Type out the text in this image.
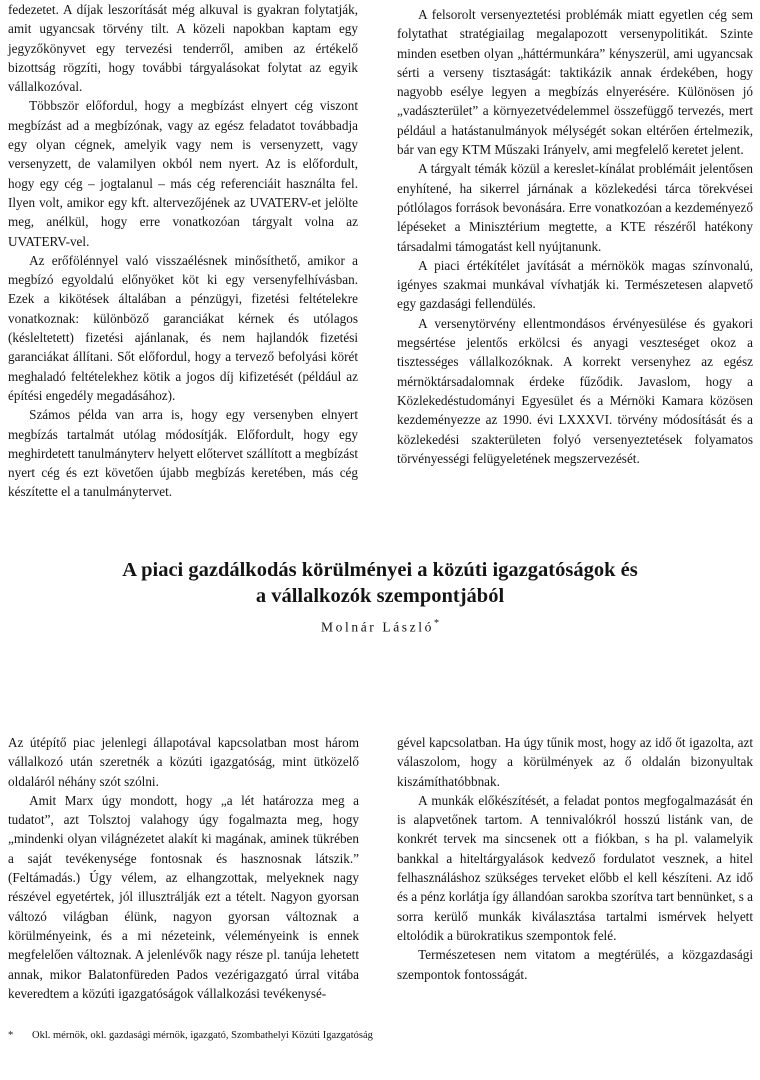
fedezetet. A díjak leszorítását még alkuval is gyakran folytatják, amit ugyancsak törvény tilt. A közeli napokban kaptam egy jegyzőkönyvet egy tervezési tenderről, amiben az értékelő bizottság rögzíti, hogy további tárgyalásokat folytat az egyik vállalkozóval.

Többször előfordul, hogy a megbízást elnyert cég viszont megbízást ad a megbízónak, vagy az egész feladatot továbbadja egy olyan cégnek, amelyik vagy nem is versenyzett, vagy versenyzett, de valamilyen okból nem nyert. Az is előfordult, hogy egy cég – jogtalanul – más cég referenciáit használta fel. Ilyen volt, amikor egy kft. altervezőjének az UVATERV-et jelölte meg, anélkül, hogy erre vonatkozóan tárgyalt volna az UVATERV-vel.

Az erőfölénnyel való visszaélésnek minősíthető, amikor a megbízó egyoldalú előnyöket köt ki egy versenyfelhívásban. Ezek a kikötések általában a pénzügyi, fizetési feltételekre vonatkoznak: különböző garanciákat kérnek és utólagos (késleltetett) fizetési ajánlanak, és nem hajlandók fizetési garanciákat állítani. Sőt előfordul, hogy a tervező befolyási körét meghaladó feltételekhez kötik a jogos díj kifizetését (például az építési engedély megadásához).

Számos példa van arra is, hogy egy versenyben elnyert megbízás tartalmát utólag módosítják. Előfordult, hogy egy meghirdetett tanulmányterv helyett előtervet szállított a megbízást nyert cég és ezt követően újabb megbízás keretében, más cég készítette el a tanulmánytervet.

A felsorolt versenyeztetési problémák miatt egyetlen cég sem folytathat stratégiailag megalapozott versenypolitikát. Szinte minden esetben olyan „háttérmunkára” kényszerül, ami ugyancsak sérti a verseny tisztaságát: taktikázik annak érdekében, hogy nagyobb esélye legyen a megbízás elnyerésére. Különösen jó „vadászterület” a környezetvédelemmel összefüggő tervezés, mert például a hatástanulmányok mélységét sokan eltérően értelmezik, bár van egy KTM Műszaki Irányelv, ami megfelelő keretet jelent.

A tárgyalt témák közül a kereslet-kínálat problémáit jelentősen enyhítené, ha sikerrel járnának a közlekedési tárca törekvései pótlólagos források bevonására. Erre vonatkozóan a kezdeményező lépéseket a Minisztérium megtette, a KTE részéről hatékony társadalmi támogatást kell nyújtanunk.

A piaci értékítélet javítását a mérnökök magas színvonalú, igényes szakmai munkával vívhatják ki. Természetesen alapvető egy gazdasági fellendülés.

A versenytörvény ellentmondásos érvényesülése és gyakori megsértése jelentős erkölcsi és anyagi veszteséget okoz a tisztességes vállalkozóknak. A korrekt versenyhez az egész mérnöktársadalomnak érdeke fűződik. Javaslom, hogy a Közlekedéstudományi Egyesület és a Mérnöki Kamara közösen kezdeményezze az 1990. évi LXXXVI. törvény módosítását és a közlekedési szakterületen folyó versenyeztetések folyamatos törvényességi felügyeletének megszervezését.

A piaci gazdálkodás körülményei a közúti igazgatóságok és
a vállalkozók szempontjából
Molnár László*

Az útépítő piac jelenlegi állapotával kapcsolatban most három vállalkozó után szeretnék a közúti igazgatóság, mint ütközelő oldaláról néhány szót szólni.

Amit Marx úgy mondott, hogy „a lét határozza meg a tudatot”, azt Tolsztoj valahogy úgy fogalmazta meg, hogy „mindenki olyan világnézetet alakít ki magának, aminek tükrében a saját tevékenysége fontosnak és hasznosnak látszik.” (Feltámadás.) Úgy vélem, az elhangzottak, melyeknek nagy részével egyetértek, jól illusztrálják ezt a tételt. Nagyon gyorsan változó világban élünk, nagyon gyorsan változnak a körülményeink, és a mi nézeteink, véleményeink is ennek megfelelően változnak. A jelenlévők nagy része pl. tanúja lehetett annak, mikor Balatonfüreden Pados vezérigazgató úrral vitába keveredtem a közúti igazgatóságok vállalkozási tevékenysé-

gével kapcsolatban. Ha úgy tűnik most, hogy az idő őt igazolta, azt válaszolom, hogy a körülmények az ő oldalán bizonyultak kiszámíthatóbbnak.

A munkák előkészítését, a feladat pontos megfogalmazását én is alapvetőnek tartom. A tennivalókról hosszú listánk van, de konkrét tervek ma sincsenek ott a fiókban, s ha pl. valamelyik bankkal a hiteltárgyalások kedvező fordulatot vesznek, a hitel felhasználáshoz szükséges terveket előbb el kell készíteni. Az idő és a pénz korlátja így állandóan sarokba szorítva tart bennünket, s a sorra kerülő munkák kiválasztása tartalmi ismérvek helyett eltolódik a bürokratikus szempontok felé.

Természetesen nem vitatom a megtérülés, a közgazdasági szempontok fontosságát.

* Okl. mérnök, okl. gazdasági mérnök, igazgató, Szombathelyi Közúti Igazgatóság
